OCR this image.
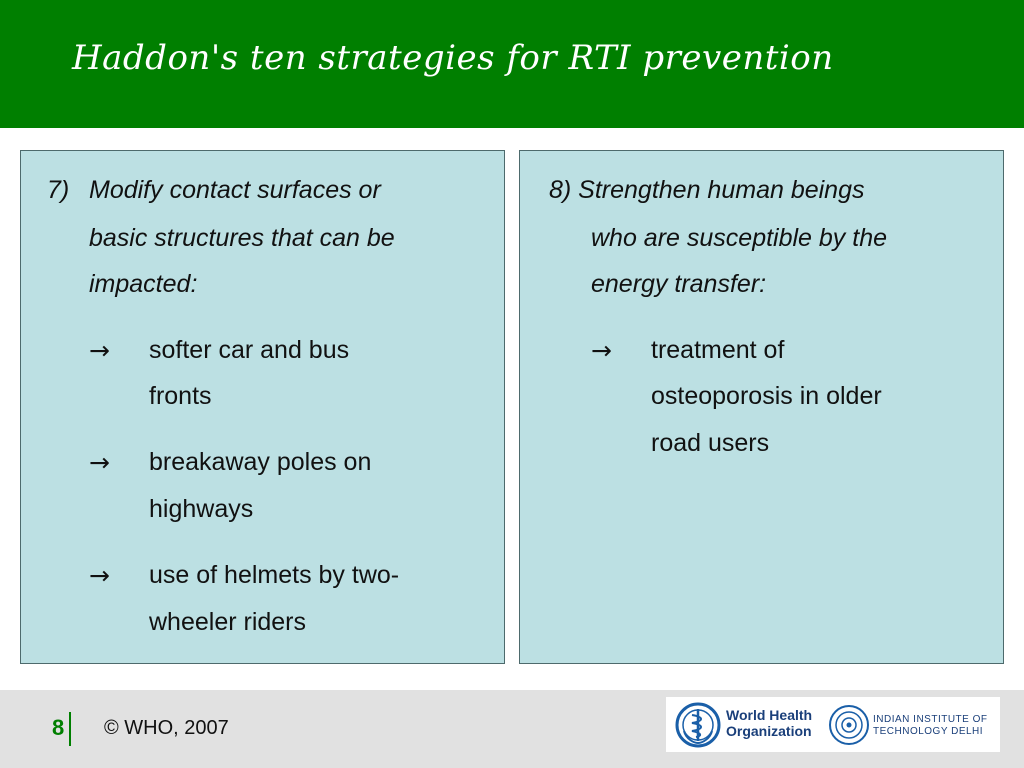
Haddon's ten strategies for RTI prevention
7) Modify contact surfaces or
basic structures that can be
impacted:
→ softer car and bus
fronts
→ breakaway poles on
highways
→ use of helmets by two-
wheeler riders
8) Strengthen human beings
who are susceptible by the
energy transfer:
→ treatment of
osteoporosis in older
road users
8 © WHO, 2007
World Health
Organization
INDIAN INSTITUTE OF
TECHNOLOGY DELHI
